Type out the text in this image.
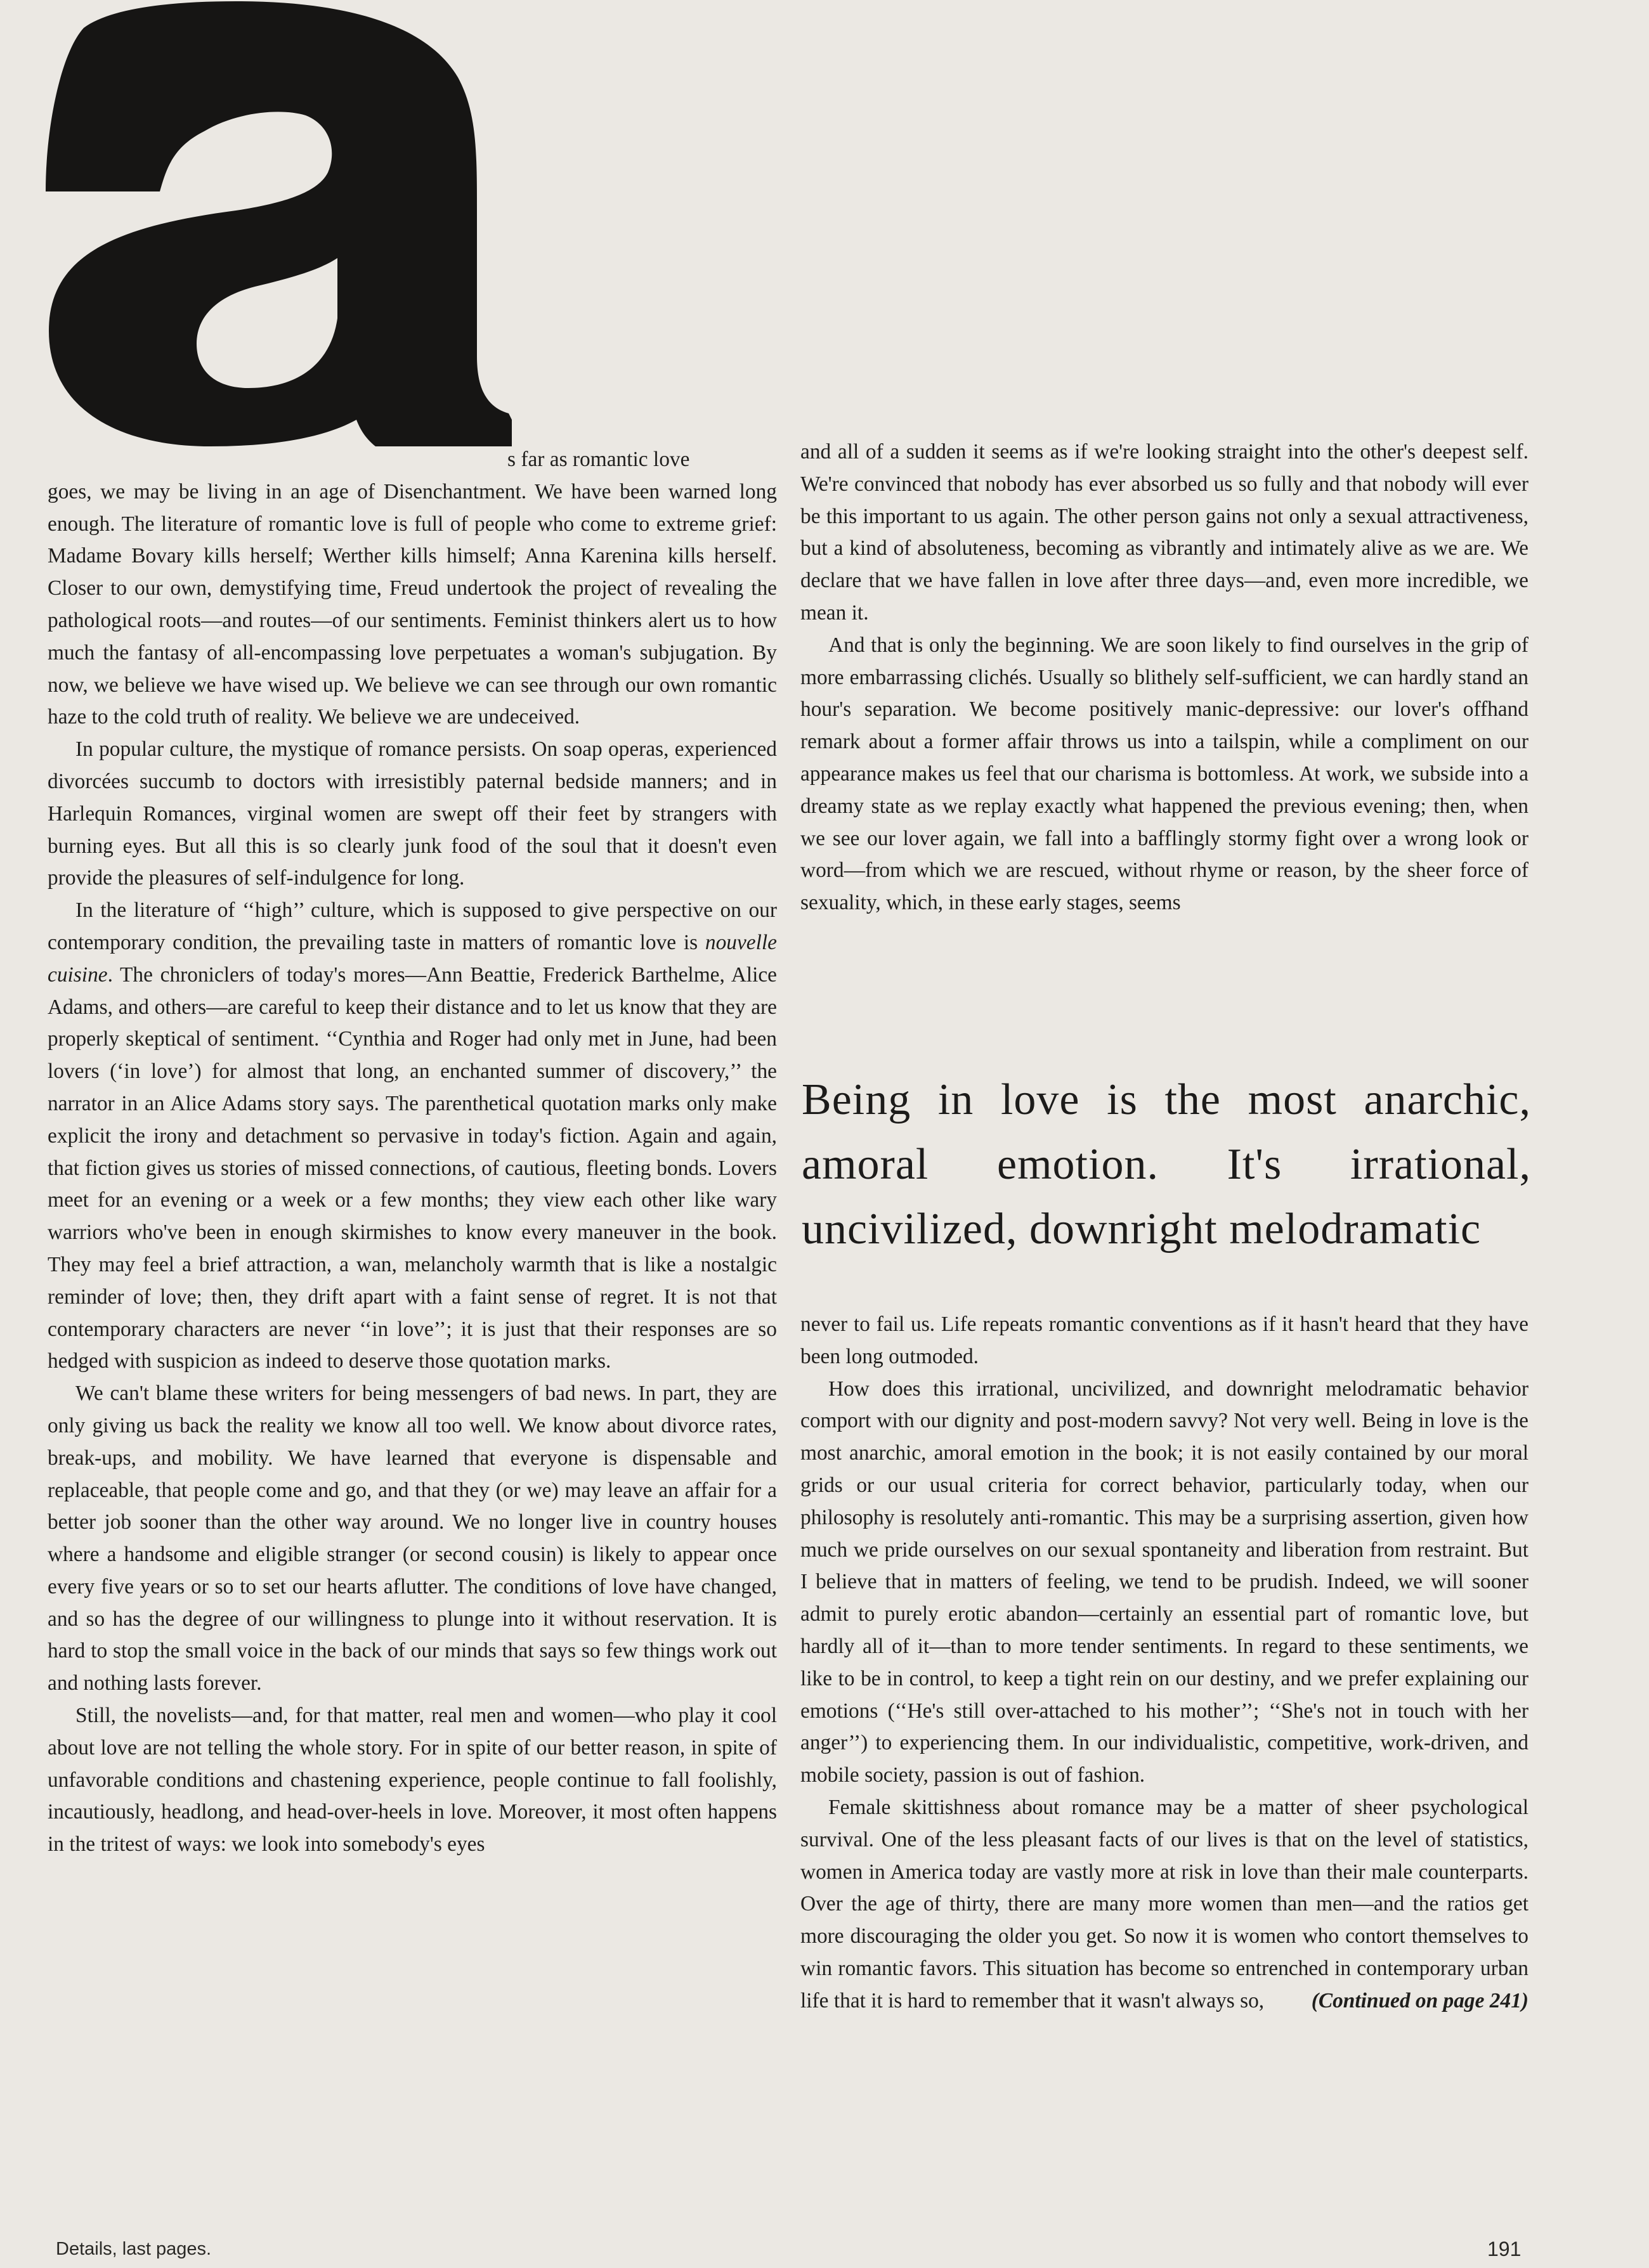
s far as romantic love

goes, we may be living in an age of Disenchantment. We have been warned long enough. The literature of romantic love is full of people who come to extreme grief: Madame Bovary kills herself; Werther kills himself; Anna Karenina kills herself. Closer to our own, demystifying time, Freud undertook the project of revealing the pathological roots—and routes—of our sentiments. Feminist thinkers alert us to how much the fantasy of all-encompassing love perpetuates a woman's subjugation. By now, we believe we have wised up. We believe we can see through our own romantic haze to the cold truth of reality. We believe we are undeceived.

In popular culture, the mystique of romance persists. On soap operas, experienced divorcées succumb to doctors with irresistibly paternal bedside manners; and in Harlequin Romances, virginal women are swept off their feet by strangers with burning eyes. But all this is so clearly junk food of the soul that it doesn't even provide the pleasures of self-indulgence for long.

In the literature of ‘‘high’’ culture, which is supposed to give perspective on our contemporary condition, the prevailing taste in matters of romantic love is nouvelle cuisine. The chroniclers of today's mores—Ann Beattie, Frederick Barthelme, Alice Adams, and others—are careful to keep their distance and to let us know that they are properly skeptical of sentiment. ‘‘Cynthia and Roger had only met in June, had been lovers (‘in love’) for almost that long, an enchanted summer of discovery,’’ the narrator in an Alice Adams story says. The parenthetical quotation marks only make explicit the irony and detachment so pervasive in today's fiction. Again and again, that fiction gives us stories of missed connections, of cautious, fleeting bonds. Lovers meet for an evening or a week or a few months; they view each other like wary warriors who've been in enough skirmishes to know every maneuver in the book. They may feel a brief attraction, a wan, melancholy warmth that is like a nostalgic reminder of love; then, they drift apart with a faint sense of regret. It is not that contemporary characters are never ‘‘in love’’; it is just that their responses are so hedged with suspicion as indeed to deserve those quotation marks.

We can't blame these writers for being messengers of bad news. In part, they are only giving us back the reality we know all too well. We know about divorce rates, break-ups, and mobility. We have learned that everyone is dispensable and replaceable, that people come and go, and that they (or we) may leave an affair for a better job sooner than the other way around. We no longer live in country houses where a handsome and eligible stranger (or second cousin) is likely to appear once every five years or so to set our hearts aflutter. The conditions of love have changed, and so has the degree of our willingness to plunge into it without reservation. It is hard to stop the small voice in the back of our minds that says so few things work out and nothing lasts forever.

Still, the novelists—and, for that matter, real men and women—who play it cool about love are not telling the whole story. For in spite of our better reason, in spite of unfavorable conditions and chastening experience, people continue to fall foolishly, incautiously, headlong, and head-over-heels in love. Moreover, it most often happens in the tritest of ways: we look into somebody's eyes

and all of a sudden it seems as if we're looking straight into the other's deepest self. We're convinced that nobody has ever absorbed us so fully and that nobody will ever be this important to us again. The other person gains not only a sexual attractiveness, but a kind of absoluteness, becoming as vibrantly and intimately alive as we are. We declare that we have fallen in love after three days—and, even more incredible, we mean it.

And that is only the beginning. We are soon likely to find ourselves in the grip of more embarrassing clichés. Usually so blithely self-sufficient, we can hardly stand an hour's separation. We become positively manic-depressive: our lover's offhand remark about a former affair throws us into a tailspin, while a compliment on our appearance makes us feel that our charisma is bottomless. At work, we subside into a dreamy state as we replay exactly what happened the previous evening; then, when we see our lover again, we fall into a bafflingly stormy fight over a wrong look or word—from which we are rescued, without rhyme or reason, by the sheer force of sexuality, which, in these early stages, seems

Being in love is the most anarchic, amoral emotion. It's irrational, uncivilized, downright melodramatic

never to fail us. Life repeats romantic conventions as if it hasn't heard that they have been long outmoded.

How does this irrational, uncivilized, and downright melodramatic behavior comport with our dignity and post-modern savvy? Not very well. Being in love is the most anarchic, amoral emotion in the book; it is not easily contained by our moral grids or our usual criteria for correct behavior, particularly today, when our philosophy is resolutely anti-romantic. This may be a surprising assertion, given how much we pride ourselves on our sexual spontaneity and liberation from restraint. But I believe that in matters of feeling, we tend to be prudish. Indeed, we will sooner admit to purely erotic abandon—certainly an essential part of romantic love, but hardly all of it—than to more tender sentiments. In regard to these sentiments, we like to be in control, to keep a tight rein on our destiny, and we prefer explaining our emotions (‘‘He's still over-attached to his mother’’; ‘‘She's not in touch with her anger’’) to experiencing them. In our individualistic, competitive, work-driven, and mobile society, passion is out of fashion.

Female skittishness about romance may be a matter of sheer psychological survival. One of the less pleasant facts of our lives is that on the level of statistics, women in America today are vastly more at risk in love than their male counterparts. Over the age of thirty, there are many more women than men—and the ratios get more discouraging the older you get. So now it is women who contort themselves to win romantic favors. This situation has become so entrenched in contemporary urban life that it is hard to remember that it wasn't always so,	(Continued on page 241)

Details, last pages.	191
